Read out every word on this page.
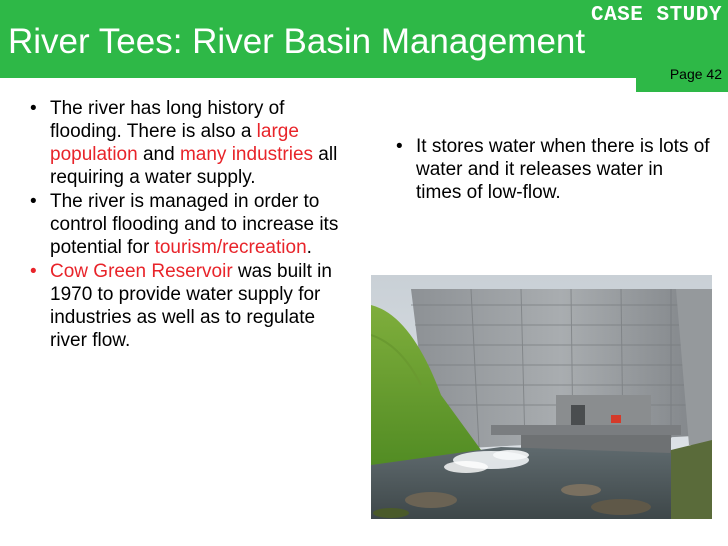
CASE STUDY
River Tees: River Basin Management
Page 42
• The river has long history of flooding. There is also a large population and many industries all requiring a water supply.
• The river is managed in order to control flooding and to increase its potential for tourism/recreation.
• Cow Green Reservoir was built in 1970 to provide water supply for industries as well as to regulate river flow.
• It stores water when there is lots of water and it releases water in times of low-flow.
